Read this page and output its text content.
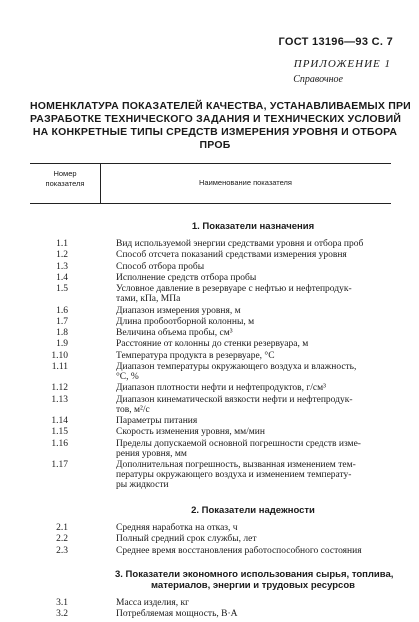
ГОСТ 13196—93 С. 7
ПРИЛОЖЕНИЕ 1
Справочное
НОМЕНКЛАТУРА ПОКАЗАТЕЛЕЙ КАЧЕСТВА, УСТАНАВЛИВАЕМЫХ ПРИ
РАЗРАБОТКЕ ТЕХНИЧЕСКОГО ЗАДАНИЯ И ТЕХНИЧЕСКИХ УСЛОВИЙ
НА КОНКРЕТНЫЕ ТИПЫ СРЕДСТВ ИЗМЕРЕНИЯ УРОВНЯ И ОТБОРА
ПРОБ
Номер
показателя	Наименование показателя
1. Показатели назначения
1.1	Вид используемой энергии средствами уровня и отбора проб
1.2	Способ отсчета показаний средствами измерения уровня
1.3	Способ отбора пробы
1.4	Исполнение средств отбора пробы
1.5	Условное давление в резервуаре с нефтью и нефтепродук-
тами, кПа, МПа
1.6	Диапазон измерения уровня, м
1.7	Длина пробоотборной колонны, м
1.8	Величина объема пробы, см³
1.9	Расстояние от колонны до стенки резервуара, м
1.10	Температура продукта в резервуаре, °С
1.11	Диапазон температуры окружающего воздуха и влажность,
°С, %
1.12	Диапазон плотности нефти и нефтепродуктов, г/см³
1.13	Диапазон кинематической вязкости нефти и нефтепродук-
тов, м²/с
1.14	Параметры питания
1.15	Скорость изменения уровня, мм/мин
1.16	Пределы допускаемой основной погрешности средств изме-
рения уровня, мм
1.17	Дополнительная погрешность, вызванная изменением тем-
пературы окружающего воздуха и изменением температу-
ры жидкости
2. Показатели надежности
2.1	Средняя наработка на отказ, ч
2.2	Полный средний срок службы, лет
2.3	Среднее время восстановления работоспособного состояния
3. Показатели экономного использования сырья, топлива,
материалов, энергии и трудовых ресурсов
3.1	Масса изделия, кг
3.2	Потребляемая мощность, В·А
